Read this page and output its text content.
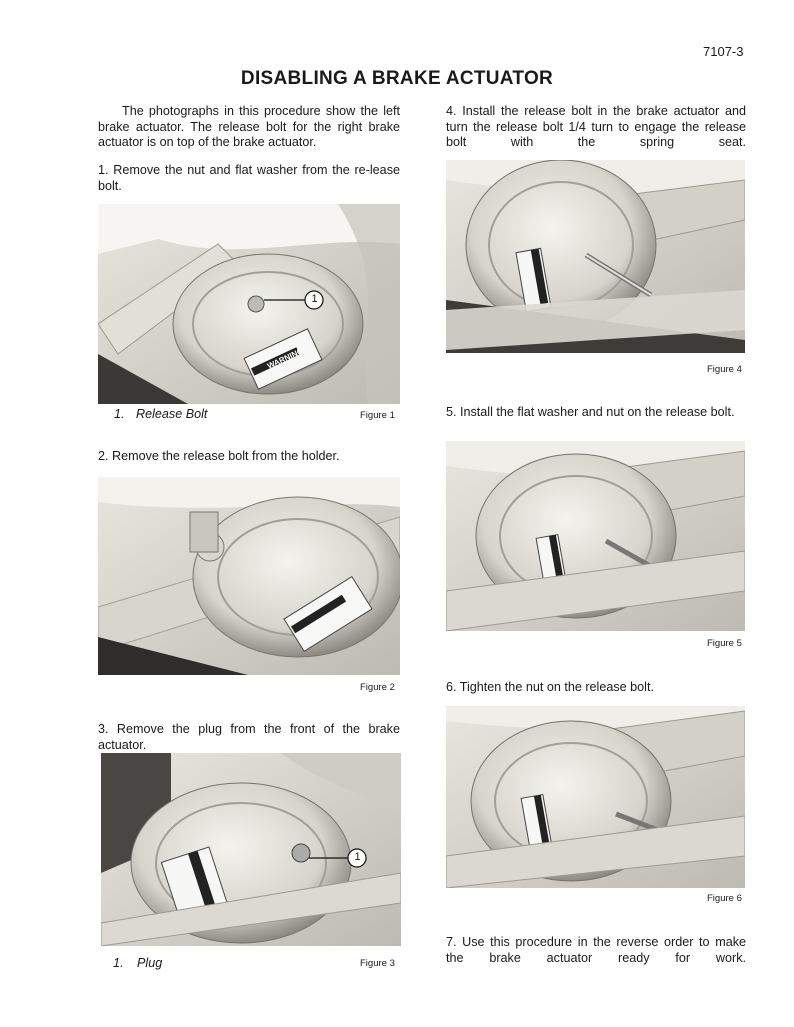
7107-3
DISABLING A BRAKE ACTUATOR
The photographs in this procedure show the left brake actuator. The release bolt for the right brake actuator is on top of the brake actuator.
1. Remove the nut and flat washer from the re-lease bolt.
WARNING
1
1. Release Bolt	Figure 1
2. Remove the release bolt from the holder.
Figure 2
3. Remove the plug from the front of the brake actuator.
1
1. Plug	Figure 3
4. Install the release bolt in the brake actuator and turn the release bolt 1/4 turn to engage the release bolt with the spring seat.
Figure 4
5. Install the flat washer and nut on the release bolt.
Figure 5
6. Tighten the nut on the release bolt.
Figure 6
7. Use this procedure in the reverse order to make the brake actuator ready for work.
